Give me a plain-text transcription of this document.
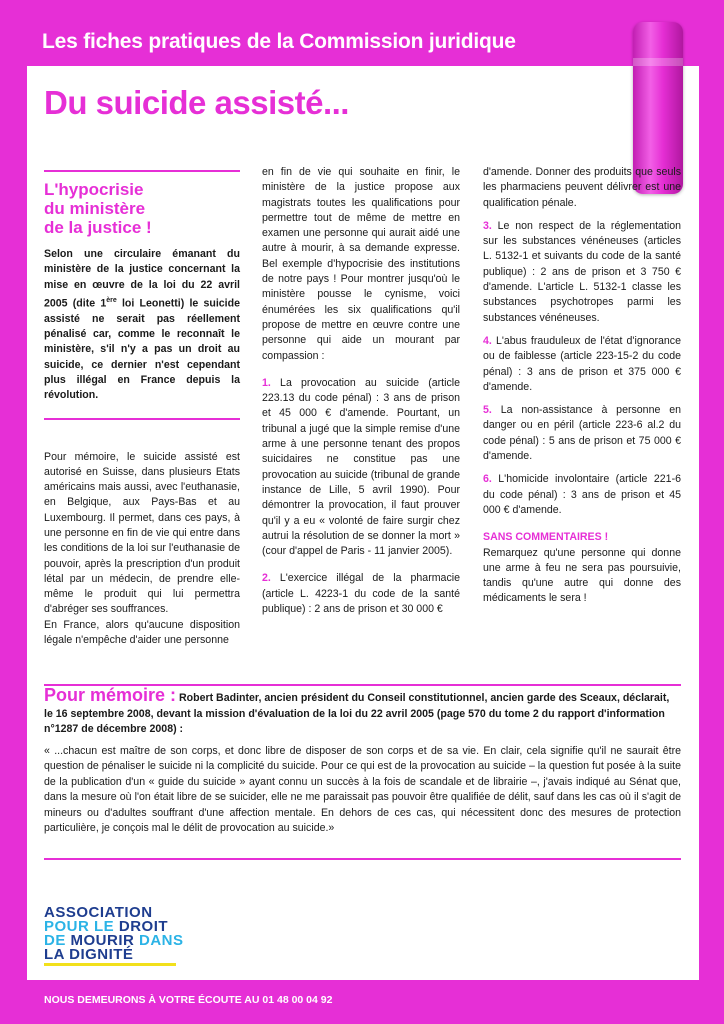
Les fiches pratiques de la Commission juridique
Du suicide assisté...
L'hypocrisie
du ministère
de la justice !

Selon une circulaire émanant du ministère de la justice concernant la mise en œuvre de la loi du 22 avril 2005 (dite 1ère loi Leonetti) le suicide assisté ne serait pas réellement pénalisé car, comme le reconnaît le ministère, s'il n'y a pas un droit au suicide, ce dernier n'est cependant plus illégal en France depuis la révolution.

Pour mémoire, le suicide assisté est autorisé en Suisse, dans plusieurs Etats américains mais aussi, avec l'euthanasie, en Belgique, aux Pays-Bas et au Luxembourg. Il permet, dans ces pays, à une personne en fin de vie qui entre dans les conditions de la loi sur l'euthanasie de pouvoir, après la prescription d'un produit létal par un médecin, de prendre elle-même le produit qui lui permettra d'abréger ses souffrances.

En France, alors qu'aucune disposition légale n'empêche d'aider une personne

en fin de vie qui souhaite en finir, le ministère de la justice propose aux magistrats toutes les qualifications pour permettre tout de même de mettre en examen une personne qui aurait aidé une autre à mourir, à sa demande expresse. Bel exemple d'hypocrisie des institutions de notre pays ! Pour montrer jusqu'où le ministère pousse le cynisme, voici énumérées les six qualifications qu'il propose de mettre en œuvre contre une personne qui aide un mourant par compassion :

1. La provocation au suicide (article 223.13 du code pénal) : 3 ans de prison et 45 000 € d'amende. Pourtant, un tribunal a jugé que la simple remise d'une arme à une personne tenant des propos suicidaires ne constitue pas une provocation au suicide (tribunal de grande instance de Lille, 5 avril 1990). Pour démontrer la provocation, il faut prouver qu'il y a eu « volonté de faire surgir chez autrui la résolution de se donner la mort » (cour d'appel de Paris - 11 janvier 2005).

2. L'exercice illégal de la pharmacie (article L. 4223-1 du code de la santé publique) : 2 ans de prison et 30 000 €

d'amende. Donner des produits que seuls les pharmaciens peuvent délivrer est une qualification pénale.

3. Le non respect de la réglementation sur les substances vénéneuses (articles L. 5132-1 et suivants du code de la santé publique) : 2 ans de prison et 3 750 € d'amende. L'article L. 5132-1 classe les substances psychotropes parmi les substances vénéneuses.

4. L'abus frauduleux de l'état d'ignorance ou de faiblesse (article 223-15-2 du code pénal) : 3 ans de prison et 375 000 € d'amende.

5. La non-assistance à personne en danger ou en péril (article 223-6 al.2 du code pénal) : 5 ans de prison et 75 000 € d'amende.

6. L'homicide involontaire (article 221-6 du code pénal) : 3 ans de prison et 45 000 € d'amende.

SANS COMMENTAIRES !

Remarquez qu'une personne qui donne une arme à feu ne sera pas poursuivie, tandis qu'une autre qui donne des médicaments le sera !

Pour mémoire : Robert Badinter, ancien président du Conseil constitutionnel, ancien garde des Sceaux, déclarait, le 16 septembre 2008, devant la mission d'évaluation de la loi du 22 avril 2005 (page 570 du tome 2 du rapport d'information n°1287 de décembre 2008) :

« ...chacun est maître de son corps, et donc libre de disposer de son corps et de sa vie. En clair, cela signifie qu'il ne saurait être question de pénaliser le suicide ni la complicité du suicide. Pour ce qui est de la provocation au suicide – la question fut posée à la suite de la publication d'un « guide du suicide » ayant connu un succès à la fois de scandale et de librairie –, j'avais indiqué au Sénat que, dans la mesure où l'on était libre de se suicider, elle ne me paraissait pas pouvoir être qualifiée de délit, sauf dans les cas où il s'agit de mineurs ou d'adultes souffrant d'une affection mentale. En dehors de ces cas, qui nécessitent donc des mesures de protection particulière, je conçois mal le délit de provocation au suicide.»

ASSOCIATION
POUR LE DROIT
DE MOURIR DANS
LA DIGNITÉ
NOUS DEMEURONS À VOTRE ÉCOUTE AU 01 48 00 04 92
